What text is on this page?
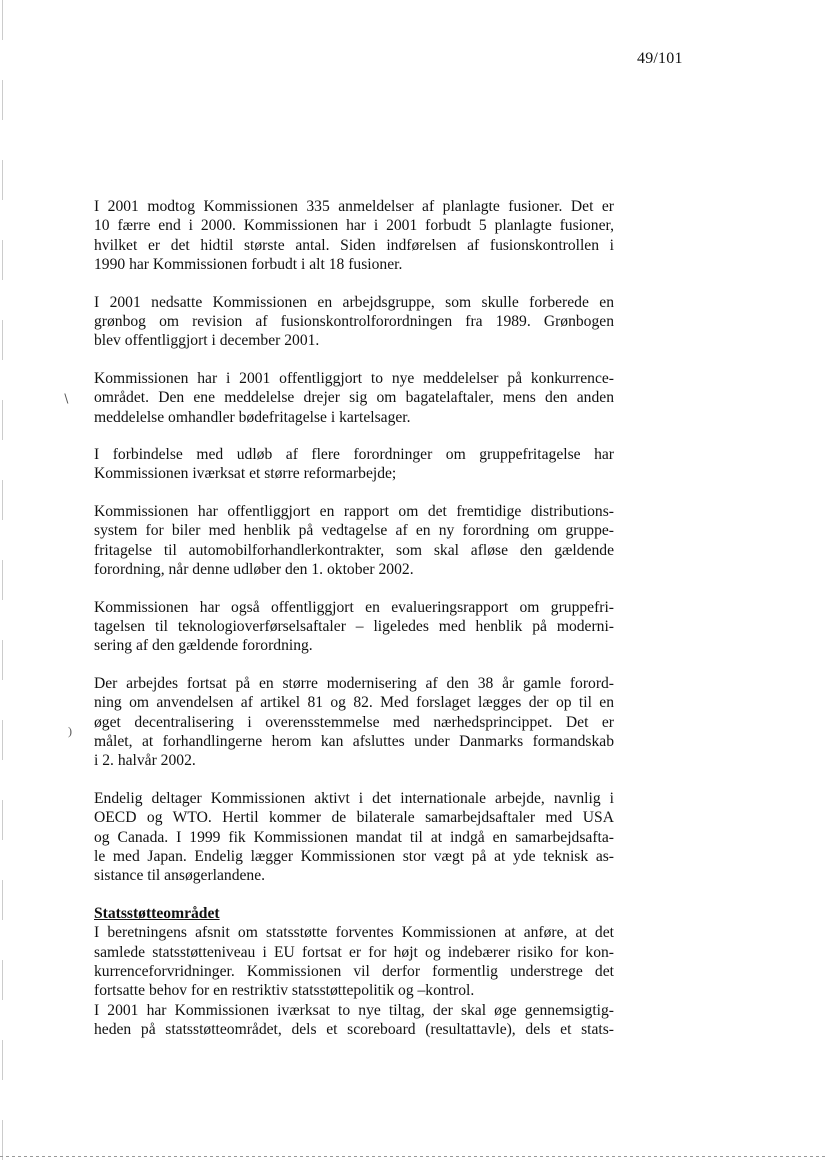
49/101
I 2001 modtog Kommissionen 335 anmeldelser af planlagte fusioner. Det er
10 færre end i 2000. Kommissionen har i 2001 forbudt 5 planlagte fusioner,
hvilket er det hidtil største antal. Siden indførelsen af fusionskontrollen i
1990 har Kommissionen forbudt i alt 18 fusioner.
I 2001 nedsatte Kommissionen en arbejdsgruppe, som skulle forberede en
grønbog om revision af fusionskontrolforordningen fra 1989. Grønbogen
blev offentliggjort i december 2001.
Kommissionen har i 2001 offentliggjort to nye meddelelser på konkurrence-
området. Den ene meddelelse drejer sig om bagatelaftaler, mens den anden
meddelelse omhandler bødefritagelse i kartelsager.
I forbindelse med udløb af flere forordninger om gruppefritagelse har
Kommissionen iværksat et større reformarbejde;
Kommissionen har offentliggjort en rapport om det fremtidige distributions-
system for biler med henblik på vedtagelse af en ny forordning om gruppe-
fritagelse til automobilforhandlerkontrakter, som skal afløse den gældende
forordning, når denne udløber den 1. oktober 2002.
Kommissionen har også offentliggjort en evalueringsrapport om gruppefri-
tagelsen til teknologioverførselsaftaler – ligeledes med henblik på moderni-
sering af den gældende forordning.
Der arbejdes fortsat på en større modernisering af den 38 år gamle forord-
ning om anvendelsen af artikel 81 og 82. Med forslaget lægges der op til en
øget decentralisering i overensstemmelse med nærhedsprincippet. Det er
målet, at forhandlingerne herom kan afsluttes under Danmarks formandskab
i 2. halvår 2002.
Endelig deltager Kommissionen aktivt i det internationale arbejde, navnlig i
OECD og WTO. Hertil kommer de bilaterale samarbejdsaftaler med USA
og Canada. I 1999 fik Kommissionen mandat til at indgå en samarbejdsafta-
le med Japan. Endelig lægger Kommissionen stor vægt på at yde teknisk as-
sistance til ansøgerlandene.
Statsstøtteområdet
I beretningens afsnit om statsstøtte forventes Kommissionen at anføre, at det
samlede statsstøtteniveau i EU fortsat er for højt og indebærer risiko for kon-
kurrenceforvridninger. Kommissionen vil derfor formentlig understrege det
fortsatte behov for en restriktiv statsstøttepolitik og –kontrol.
I 2001 har Kommissionen iværksat to nye tiltag, der skal øge gennemsigtig-
heden på statsstøtteområdet, dels et scoreboard (resultattavle), dels et stats-
∖
)
